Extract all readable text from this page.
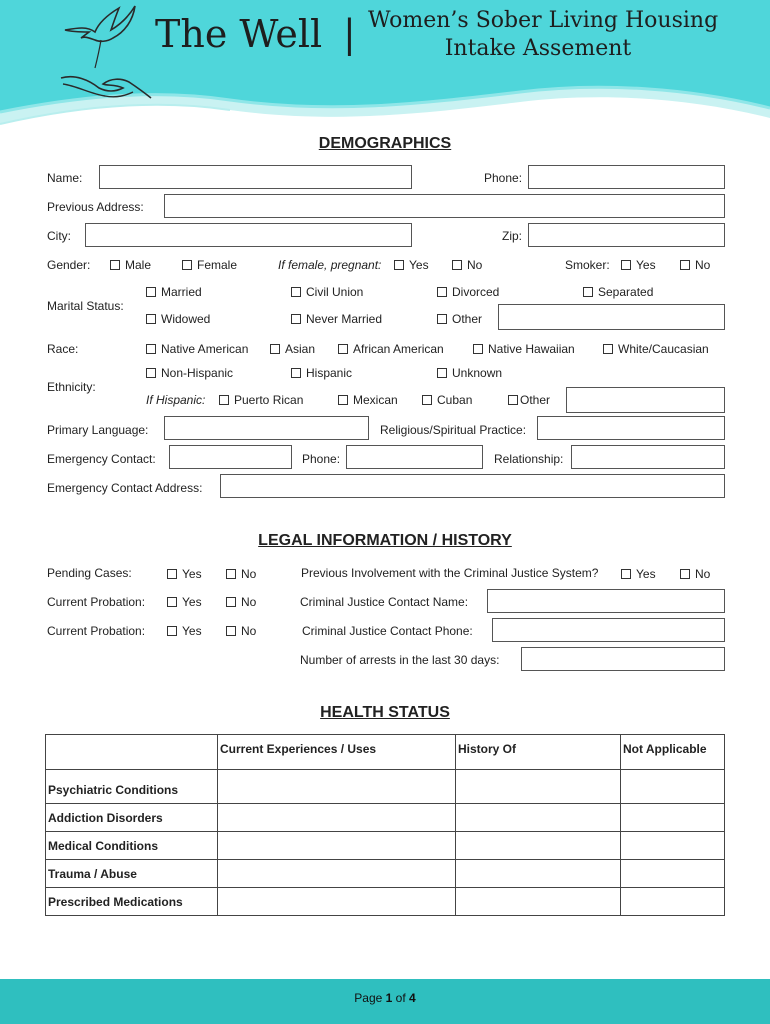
The Well | Women’s Sober Living Housing
Intake Assement
DEMOGRAPHICS
Name:	Phone:
Previous Address:
City:	Zip:
Gender:	Male	Female	If female, pregnant:	Yes	No	Smoker:	Yes	No
Marital Status:
Married	Civil Union	Divorced	Separated
Widowed	Never Married	Other
Race:	Native American	Asian	African American	Native Hawaiian	White/Caucasian
Ethnicity:
Non-Hispanic	Hispanic	Unknown
If Hispanic:	Puerto Rican	Mexican	Cuban	Other
Primary Language:	Religious/Spiritual Practice:
Emergency Contact:	Phone:	Relationship:
Emergency Contact Address:
LEGAL INFORMATION / HISTORY
Pending Cases:	Yes	No	Previous Involvement with the Criminal Justice System?	Yes	No
Current Probation:	Yes	No	Criminal Justice Contact Name:
Current Probation:	Yes	No	Criminal Justice Contact Phone:
Number of arrests in the last 30 days:
HEALTH STATUS
	Current Experiences / Uses	History Of	Not Applicable
Psychiatric Conditions			
Addiction Disorders			
Medical Conditions			
Trauma / Abuse			
Prescribed Medications			
Page 1 of 4
